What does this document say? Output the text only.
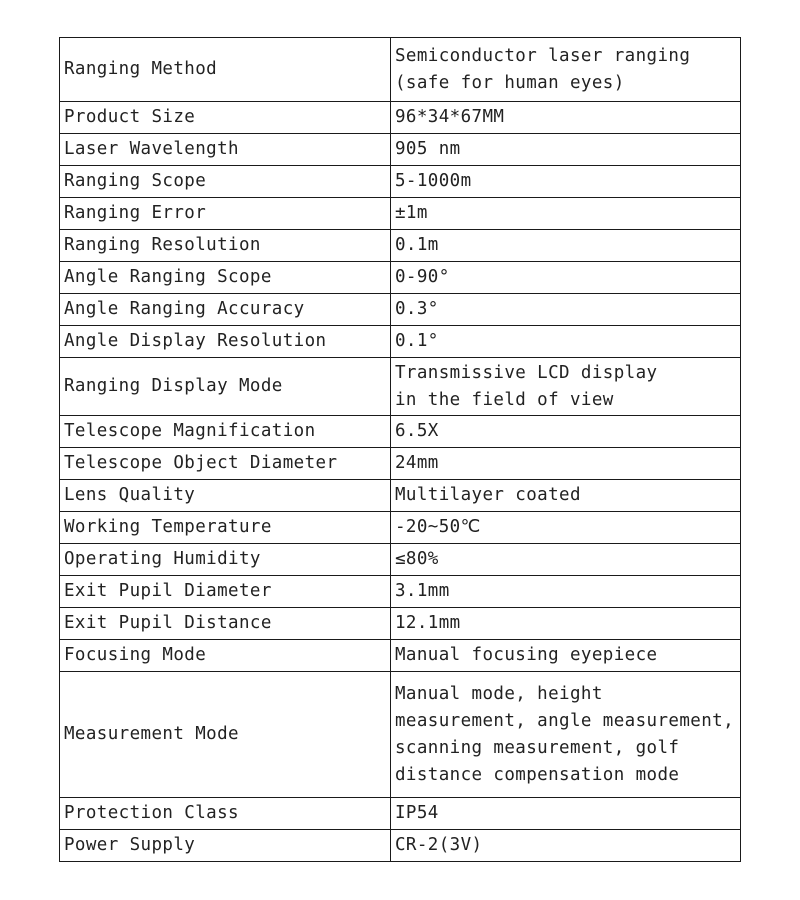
Ranging Method	Semiconductor laser ranging
(safe for human eyes)
Product Size	96*34*67MM
Laser Wavelength	905 nm
Ranging Scope	5-1000m
Ranging Error	±1m
Ranging Resolution	0.1m
Angle Ranging Scope	0-90°
Angle Ranging Accuracy	0.3°
Angle Display Resolution	0.1°
Ranging Display Mode	Transmissive LCD display
in the field of view
Telescope Magnification	6.5X
Telescope Object Diameter	24mm
Lens Quality	Multilayer coated
Working Temperature	-20~50℃
Operating Humidity	≤80%
Exit Pupil Diameter	3.1mm
Exit Pupil Distance	12.1mm
Focusing Mode	Manual focusing eyepiece
Measurement Mode	Manual mode, height
measurement, angle measurement,
scanning measurement, golf
distance compensation mode
Protection Class	IP54
Power Supply	CR-2(3V)
